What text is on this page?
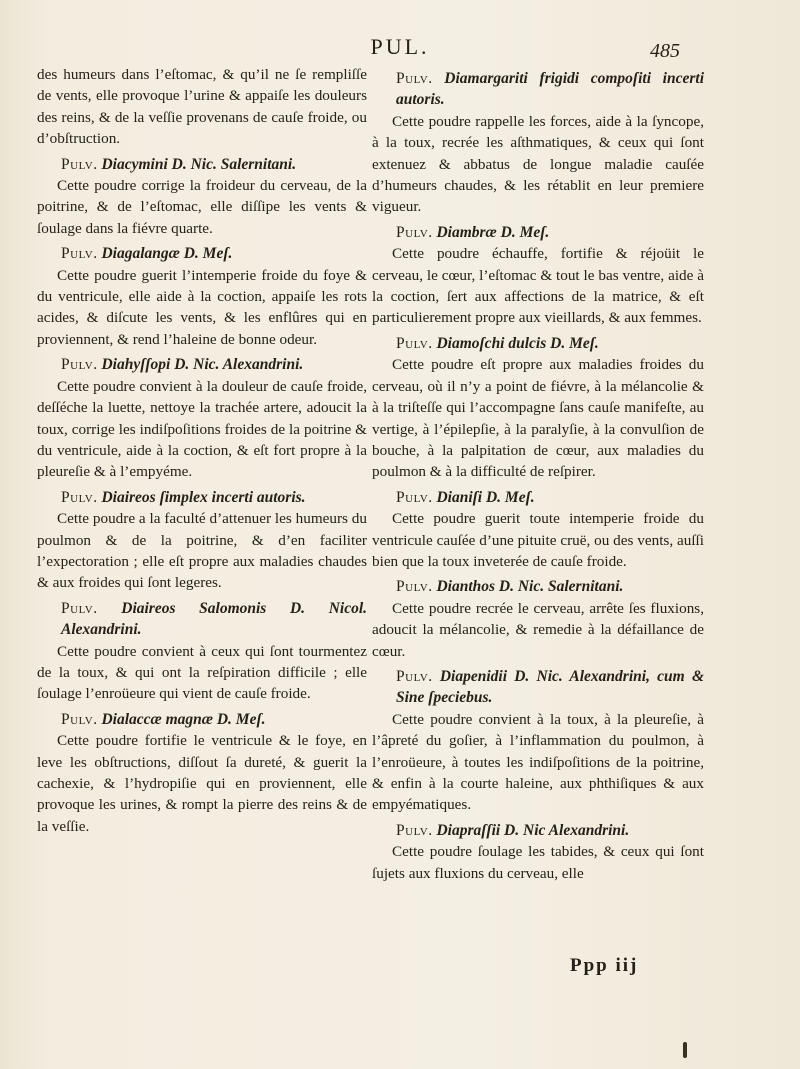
PUL.	485

des humeurs dans l’eſtomac, & qu’il ne ſe rempliſſe de vents, elle provoque l’urine & appaiſe les douleurs des reins, & de la veſſie provenans de cauſe froide, ou d’obſtruction.

Pulv. Diacymini D. Nic. Salernitani.

Cette poudre corrige la froideur du cerveau, de la poitrine, & de l’eſtomac, elle diſſipe les vents & ſoulage dans la fiévre quarte.

Pulv. Diagalangæ D. Meſ.

Cette poudre guerit l’intemperie froide du foye & du ventricule, elle aide à la coction, appaiſe les rots acides, & diſcute les vents, & les enflûres qui en proviennent, & rend l’haleine de bonne odeur.

Pulv. Diahyſſopi D. Nic. Alexandrini.

Cette poudre convient à la douleur de cauſe froide, deſſéche la luette, nettoye la trachée artere, adoucit la toux, corrige les indiſpoſitions froides de la poitrine & du ventricule, aide à la coction, & eſt fort propre à la pleureſie & à l’empyéme.

Pulv. Diaireos ſimplex incerti autoris.

Cette poudre a la faculté d’attenuer les humeurs du poulmon & de la poitrine, & d’en faciliter l’expectoration ; elle eſt propre aux maladies chaudes & aux froides qui ſont legeres.

Pulv. Diaireos Salomonis D. Nicol. Alexandrini.

Cette poudre convient à ceux qui ſont tourmentez de la toux, & qui ont la reſpiration difficile ; elle ſoulage l’enroüeure qui vient de cauſe froide.

Pulv. Dialaccæ magnæ D. Meſ.

Cette poudre fortifie le ventricule & le foye, en leve les obſtructions, diſſout ſa dureté, & guerit la cachexie, & l’hydropiſie qui en proviennent, elle provoque les urines, & rompt la pierre des reins & de la veſſie.

Pulv. Diamargariti frigidi compoſiti incerti autoris.

Cette poudre rappelle les forces, aide à la ſyncope, à la toux, recrée les aſthmatiques, & ceux qui ſont extenuez & abbatus de longue maladie cauſée d’humeurs chaudes, & les rétablit en leur premiere vigueur.

Pulv. Diambræ D. Meſ.

Cette poudre échauffe, fortifie & réjoüit le cerveau, le cœur, l’eſtomac & tout le bas ventre, aide à la coction, ſert aux affections de la matrice, & eſt particulierement propre aux vieillards, & aux femmes.

Pulv. Diamoſchi dulcis D. Meſ.

Cette poudre eſt propre aux maladies froides du cerveau, où il n’y a point de fiévre, à la mélancolie & à la triſteſſe qui l’accompagne ſans cauſe manifeſte, au vertige, à l’épilepſie, à la paralyſie, à la convulſion de bouche, à la palpitation de cœur, aux maladies du poulmon & à la difficulté de reſpirer.

Pulv. Dianiſi D. Meſ.

Cette poudre guerit toute intemperie froide du ventricule cauſée d’une pituite cruë, ou des vents, auſſi bien que la toux inveterée de cauſe froide.

Pulv. Dianthos D. Nic. Salernitani.

Cette poudre recrée le cerveau, arrête ſes fluxions, adoucit la mélancolie, & remedie à la défaillance de cœur.

Pulv. Diapenidii D. Nic. Alexandrini, cum & Sine ſpeciebus.

Cette poudre convient à la toux, à la pleureſie, à l’âpreté du goſier, à l’inflammation du poulmon, à l’enroüeure, à toutes les indiſpoſitions de la poitrine, & enfin à la courte haleine, aux phthiſiques & aux empyématiques.

Pulv. Diapraſſii D. Nic Alexandrini.

Cette poudre ſoulage les tabides, & ceux qui ſont ſujets aux fluxions du cerveau, elle

Ppp iij
